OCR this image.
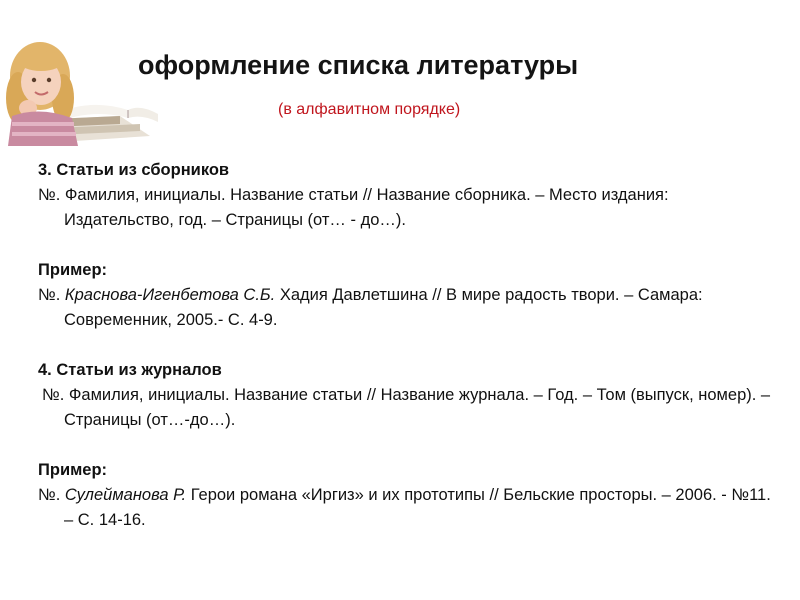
оформление списка литературы
(в алфавитном порядке)

3. Статьи из сборников

№. Фамилия, инициалы. Название статьи // Название сборника. – Место издания: Издательство, год. – Страницы (от… - до…).

Пример:

№. Краснова-Игенбетова С.Б. Хадия Давлетшина // В мире радость твори. – Самара: Современник, 2005.- С. 4-9.

4. Статьи из журналов

№. Фамилия, инициалы. Название статьи // Название журнала. – Год. – Том (выпуск, номер). – Страницы (от…-до…).

Пример:

№. Сулейманова Р. Герои романа «Иргиз» и их прототипы // Бельские просторы. – 2006. - №11. – С. 14-16.
